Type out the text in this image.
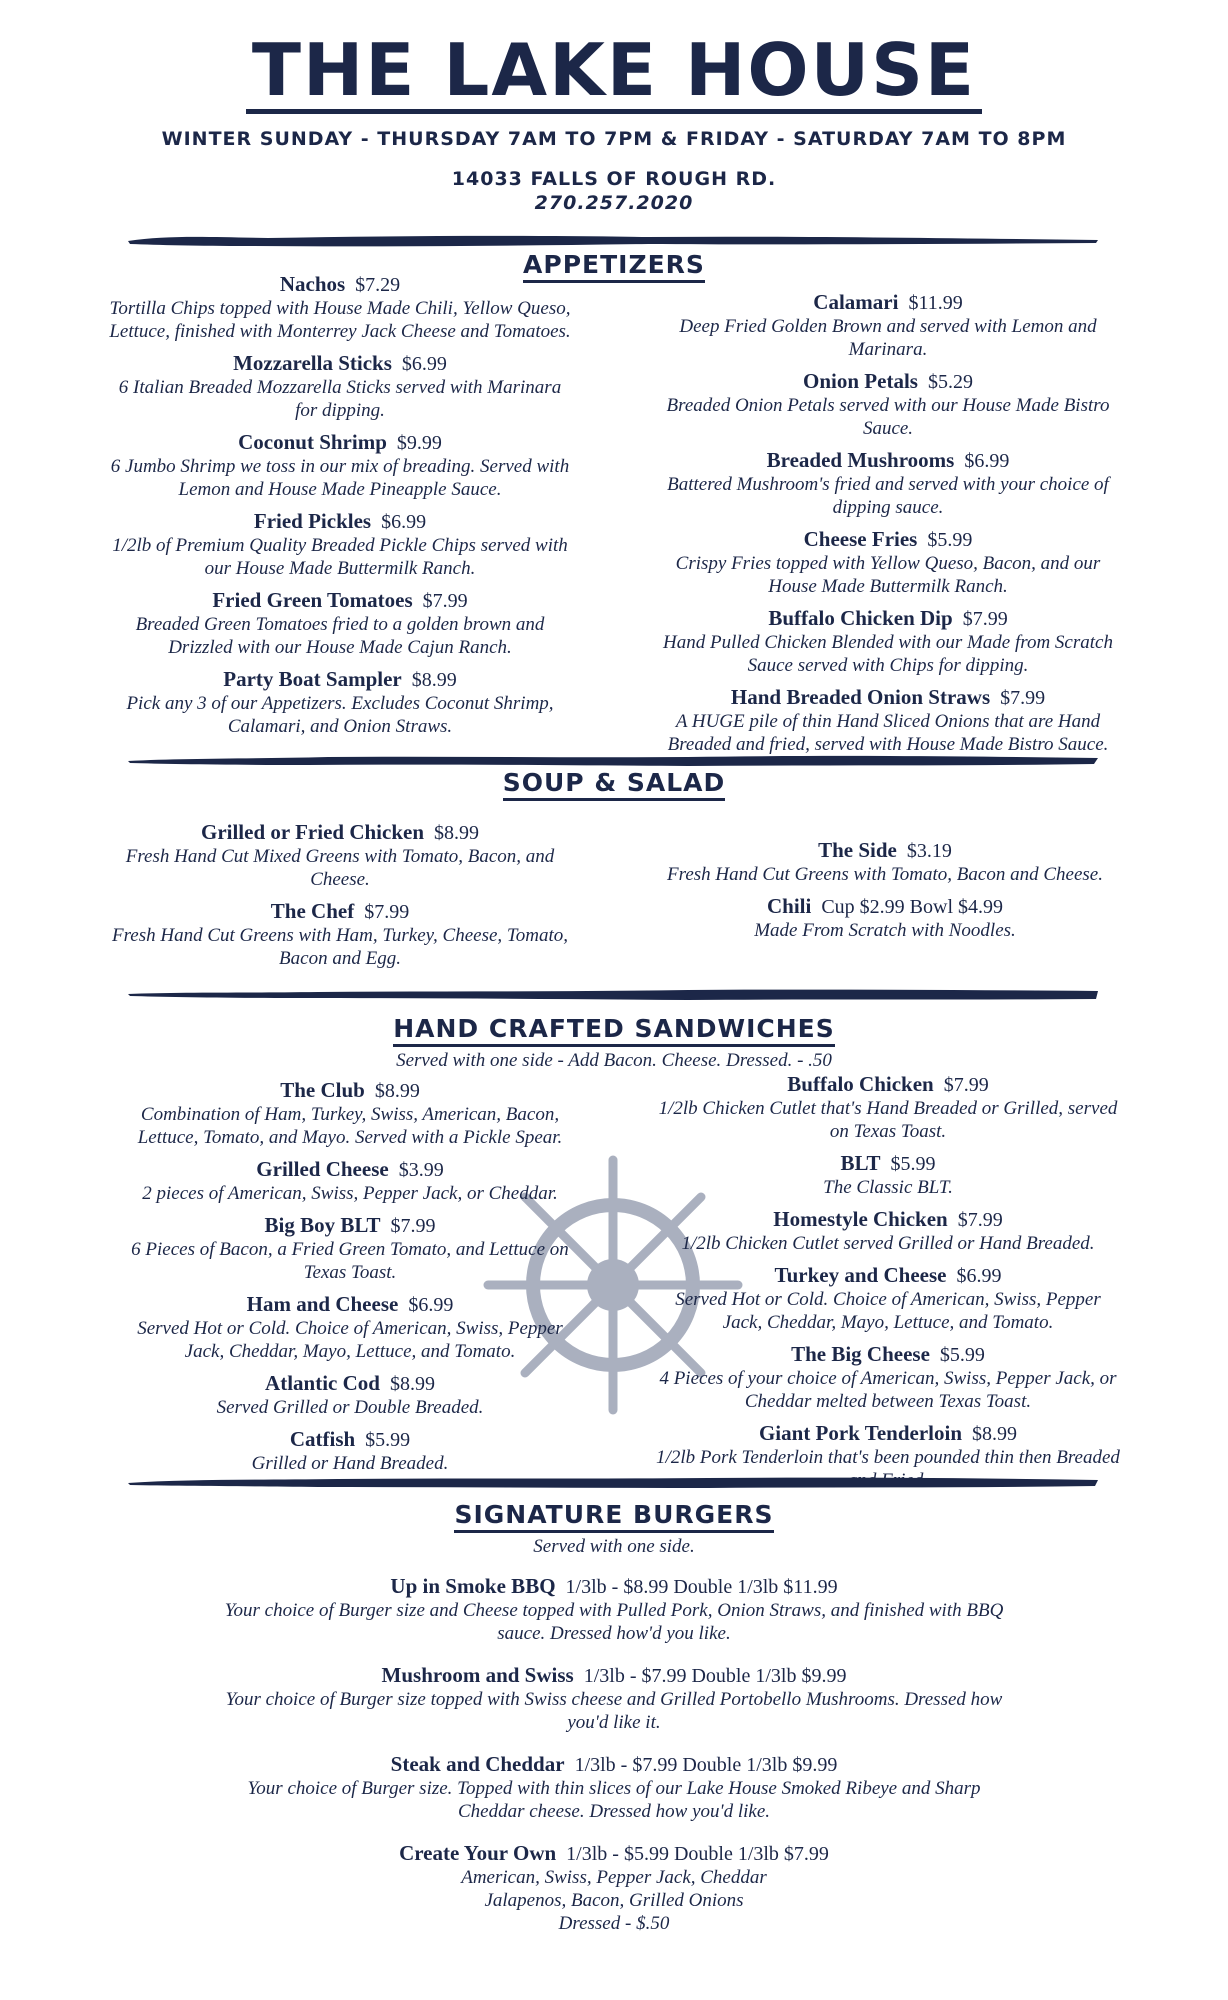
THE LAKE HOUSE
WINTER SUNDAY - THURSDAY 7AM TO 7PM & FRIDAY - SATURDAY 7AM TO 8PM
14033 FALLS OF ROUGH RD.
270.257.2020
APPETIZERS
Nachos $7.29
Tortilla Chips topped with House Made Chili, Yellow Queso, Lettuce, finished with Monterrey Jack Cheese and Tomatoes.
Mozzarella Sticks $6.99
6 Italian Breaded Mozzarella Sticks served with Marinara for dipping.
Coconut Shrimp $9.99
6 Jumbo Shrimp we toss in our mix of breading. Served with Lemon and House Made Pineapple Sauce.
Fried Pickles $6.99
1/2lb of Premium Quality Breaded Pickle Chips served with our House Made Buttermilk Ranch.
Fried Green Tomatoes $7.99
Breaded Green Tomatoes fried to a golden brown and Drizzled with our House Made Cajun Ranch.
Party Boat Sampler $8.99
Pick any 3 of our Appetizers. Excludes Coconut Shrimp, Calamari, and Onion Straws.
Calamari $11.99
Deep Fried Golden Brown and served with Lemon and Marinara.
Onion Petals $5.29
Breaded Onion Petals served with our House Made Bistro Sauce.
Breaded Mushrooms $6.99
Battered Mushroom's fried and served with your choice of dipping sauce.
Cheese Fries $5.99
Crispy Fries topped with Yellow Queso, Bacon, and our House Made Buttermilk Ranch.
Buffalo Chicken Dip $7.99
Hand Pulled Chicken Blended with our Made from Scratch Sauce served with Chips for dipping.
Hand Breaded Onion Straws $7.99
A HUGE pile of thin Hand Sliced Onions that are Hand Breaded and fried, served with House Made Bistro Sauce.
SOUP & SALAD
Grilled or Fried Chicken $8.99
Fresh Hand Cut Mixed Greens with Tomato, Bacon, and Cheese.
The Chef $7.99
Fresh Hand Cut Greens with Ham, Turkey, Cheese, Tomato, Bacon and Egg.
The Side $3.19
Fresh Hand Cut Greens with Tomato, Bacon and Cheese.
Chili Cup $2.99 Bowl $4.99
Made From Scratch with Noodles.
HAND CRAFTED SANDWICHES
Served with one side - Add Bacon. Cheese. Dressed. - .50
The Club $8.99
Combination of Ham, Turkey, Swiss, American, Bacon, Lettuce, Tomato, and Mayo. Served with a Pickle Spear.
Grilled Cheese $3.99
2 pieces of American, Swiss, Pepper Jack, or Cheddar.
Big Boy BLT $7.99
6 Pieces of Bacon, a Fried Green Tomato, and Lettuce on Texas Toast.
Ham and Cheese $6.99
Served Hot or Cold. Choice of American, Swiss, Pepper Jack, Cheddar, Mayo, Lettuce, and Tomato.
Atlantic Cod $8.99
Served Grilled or Double Breaded.
Catfish $5.99
Grilled or Hand Breaded.
Buffalo Chicken $7.99
1/2lb Chicken Cutlet that's Hand Breaded or Grilled, served on Texas Toast.
BLT $5.99
The Classic BLT.
Homestyle Chicken $7.99
1/2lb Chicken Cutlet served Grilled or Hand Breaded.
Turkey and Cheese $6.99
Served Hot or Cold. Choice of American, Swiss, Pepper Jack, Cheddar, Mayo, Lettuce, and Tomato.
The Big Cheese $5.99
4 Pieces of your choice of American, Swiss, Pepper Jack, or Cheddar melted between Texas Toast.
Giant Pork Tenderloin $8.99
1/2lb Pork Tenderloin that's been pounded thin then Breaded
SIGNATURE BURGERS
Served with one side.
Up in Smoke BBQ 1/3lb - $8.99 Double 1/3lb $11.99
Your choice of Burger size and Cheese topped with Pulled Pork, Onion Straws, and finished with BBQ sauce. Dressed how'd you like.
Mushroom and Swiss 1/3lb - $7.99 Double 1/3lb $9.99
Your choice of Burger size topped with Swiss cheese and Grilled Portobello Mushrooms. Dressed how you'd like it.
Steak and Cheddar 1/3lb - $7.99 Double 1/3lb $9.99
Your choice of Burger size. Topped with thin slices of our Lake House Smoked Ribeye and Sharp Cheddar cheese. Dressed how you'd like.
Create Your Own 1/3lb - $5.99 Double 1/3lb $7.99
American, Swiss, Pepper Jack, Cheddar
Jalapenos, Bacon, Grilled Onions
Dressed - $.50
